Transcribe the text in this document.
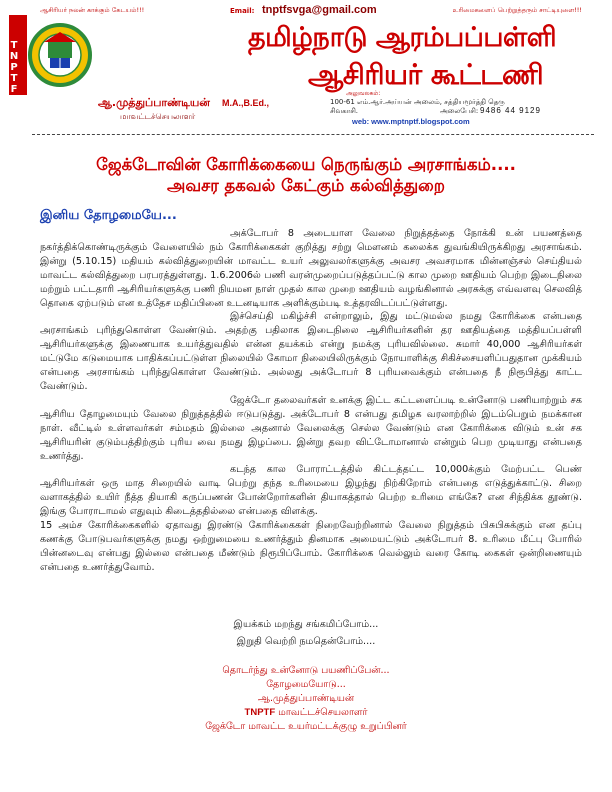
ஆசிரியர் நலன் காக்கும் கேடயம்!!!	உரிமைகளைப் பெற்றுத்தரும் சாட்டியுளை!!!
Email: tnptfsvga@gmail.com
TNPTF
தமிழ்நாடு ஆரம்பப்பள்ளி
ஆசிரியர் கூட்டணி
ஆ.முத்துப்பாண்டியன் M.A.,B.Ed.,
மாவட்டச்செயலாளர்
அலுவலகம்:
100-61 எம்.ஆர்.அய்யன் அலைம், சத்தியமூர்த்தி தெரு
சிவகாசி.	அலைபேசி: 9486 44 9129
web: www.mptnptf.blogspot.com
ஜேக்டோவின் கோரிக்கையை நெருங்கும் அரசாங்கம்....
அவசர தகவல் கேட்கும் கல்வித்துறை
இனிய தோழமையே...

அக்டோபர் 8 அடையாள வேலை நிறுத்தத்தை நோக்கி உன் பயணத்தை நகர்த்திக்கொண்டிருக்கும் வேளையில் நம் கோரிக்கைகள் குறித்து சற்று மௌனம் கலைக்க துவங்கியிருக்கிறது அரசாங்கம். இன்று (5.10.15) மதியம் கல்வித்துறையின் மாவட்ட உயர் அலுவலர்களுக்கு அவசர அவசரமாக மின்னஞ்சல் செய்தியல் மாவட்ட கல்வித்துறை பரபரத்துள்ளது. 1.6.2006ல் பணி வரன்முறைப்படுத்தப்பட்டு கால முறை ஊதியம் பெற்ற இடைநிலை மற்றும் பட்டதாரி ஆசிரியர்களுக்கு பணி நியமன நாள் முதல் கால முறை ஊதியம் வழங்கினால் அரசுக்கு எவ்வளவு செலவித் தொகை ஏற்படும் என உத்தேச மதிப்பினை உடனடியாக அளிக்கும்படி உத்தரவிடப்பட்டுள்ளது.

இச்செய்தி மகிழ்ச்சி என்றாலும், இது மட்டுமல்ல நமது கோரிக்கை என்பதை அரசாங்கம் புரிந்துகொள்ள வேண்டும். அதற்கு பதிலாக இடைநிலை ஆசிரியர்களின் தர ஊதியத்தை மத்தியப்பள்ளி ஆசிரியர்களுக்கு இணையாக உயர்த்துவதில் என்ன தயக்கம் என்று நமக்கு புரியவில்லை. சுமார் 40,000 ஆசிரியர்கள் மட்டுமே கடுமையாக பாதிக்கப்பட்டுள்ள நிலையில் கோமா நிலையிலிருக்கும் நோயாளிக்கு சிகிச்சையளிப்பதுதான முக்கியம் என்பதை அரசாங்கம் புரிந்துகொள்ள வேண்டும். அல்லது அக்டோபர் 8 புரியவைக்கும் என்பதை நீ நிரூபித்து காட்ட வேண்டும்.

ஜேக்டோ தலைவர்கள் உனக்கு இட்ட கட்டளைப்படி உன்னோடு பணியாற்றும் சக ஆசிரிய தோழமையும் வேலை நிறுத்தத்தில் ஈடுபடுத்து. அக்டோபர் 8 என்பது தமிழக வரலாற்றில் இடம்பெறும் நமக்கான நாள். வீட்டில் உள்ளவர்கள் சம்மதம் இல்லை அதனால் வேலைக்கு செல்ல வேண்டும் என கோரிக்கை விடும் உன் சக ஆசிரியரின் குடும்பத்திற்கும் புரிய வை நமது இழப்பை. இன்று தவற விட்டோமானால் என்றும் பெற முடியாது என்பதை உணர்த்து.

கடந்த கால போராட்டத்தில் கிட்டத்தட்ட 10,000க்கும் மேற்பட்ட பெண் ஆசிரியர்கள் ஒரு மாத சிறையில் வாடி பெற்று தந்த உரிமையை இழந்து நிற்கிறோம் என்பதை எடுத்துக்காட்டு. சிறை வளாகத்தில் உயிர் நீத்த தியாகி கருப்பணன் போன்றோர்களின் தியாகத்தால் பெற்ற உரிமை எங்கே? என சிந்திக்க தூண்டு. இங்கு போராடாமல் எதுவும் கிடைத்ததில்லை என்பதை விளக்கு.

15 அம்ச கோரிக்கைகளில் ஏதாவது இரண்டு கோரிக்கைகள் நிறைவேற்றினால் வேலை நிறுத்தம் பிசுபிசுக்கும் என தப்பு கணக்கு போடுபவர்களுக்கு நமது ஒற்றுமையை உணர்த்தும் தினமாக அமையட்டும் அக்டோபர் 8. உரிமை மீட்பு போரில் பின்னடைவு என்பது இல்லை என்பதை மீண்டும் நிரூபிப்போம். கோரிக்கை வெல்லும் வரை கோடி கைகள் ஒன்றிணையும் என்பதை உணர்த்துவோம்.

இயக்கம் மறந்து சங்கமிப்போம்...
இறுதி வெற்றி நமதென்போம்....
தொடர்ந்து உன்னோடு பயணிப்பேன்...
தோழமையோடு...
ஆ.முத்துப்பாண்டியன்
TNPTF மாவட்டச்செயலாளர்
ஜேக்டோ மாவட்ட உயர்மட்டக்குழு உறுப்பினர்
